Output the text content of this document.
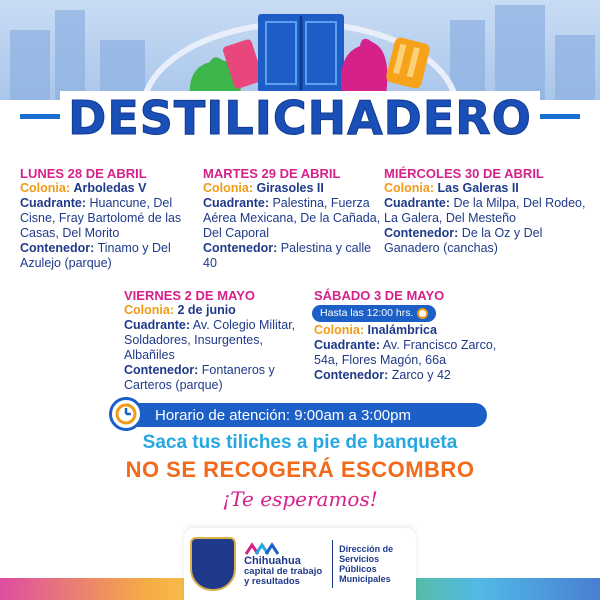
DESTILICHADERO
LUNES 28 DE ABRIL
Colonia: Arboledas V
Cuadrante: Huancune, Del Cisne, Fray Bartolomé de las Casas, Del Morito
Contenedor: Tinamo y Del Azulejo (parque)
MARTES 29 DE ABRIL
Colonia: Girasoles II
Cuadrante: Palestina, Fuerza Aérea Mexicana, De la Cañada, Del Caporal
Contenedor: Palestina y calle 40
MIÉRCOLES 30 DE ABRIL
Colonia: Las Galeras II
Cuadrante: De la Milpa, Del Rodeo, La Galera, Del Mesteño
Contenedor: De la Oz y Del Ganadero (canchas)
VIERNES 2 DE MAYO
Colonia: 2 de junio
Cuadrante: Av. Colegio Militar, Soldadores, Insurgentes, Albañiles
Contenedor: Fontaneros y Carteros (parque)
SÁBADO 3 DE MAYO
Hasta las 12:00 hrs.
Colonia: Inalámbrica
Cuadrante: Av. Francisco Zarco, 54a, Flores Magón, 66a
Contenedor: Zarco y 42
Horario de atención: 9:00am a 3:00pm
Saca tus tiliches a pie de banqueta
NO SE RECOGERÁ ESCOMBRO
¡Te esperamos!
Chihuahua
capital de trabajo y resultados
Dirección de Servicios Públicos Municipales
